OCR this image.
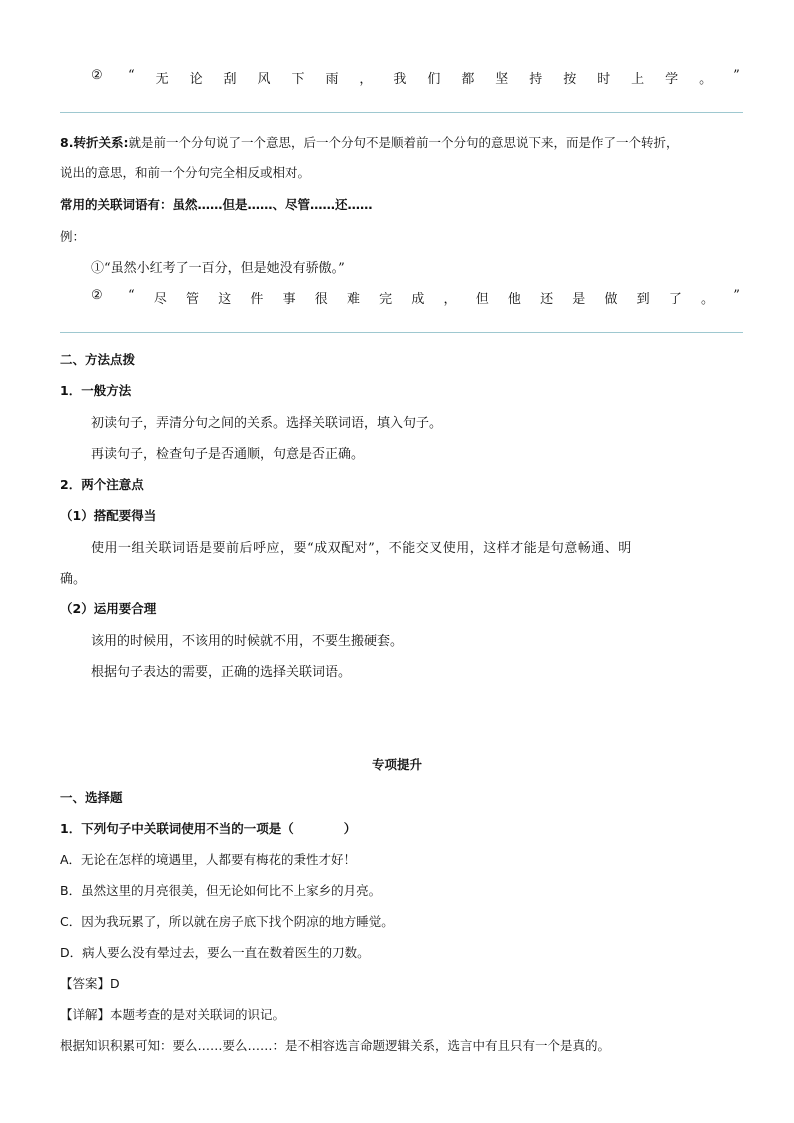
② “ 无 论 刮 风 下 雨 ， 我 们 都 坚 持 按 时 上 学 。 ”
8.转折关系:就是前一个分句说了一个意思，后一个分句不是顺着前一个分句的意思说下来，而是作了一个转折，
说出的意思，和前一个分句完全相反或相对。
常用的关联词语有：虽然……但是……、尽管……还……
例：
①“虽然小红考了一百分，但是她没有骄傲。”
② “ 尽 管 这 件 事 很 难 完 成 ， 但 他 还 是 做 到 了 。 ”
二、方法点拨
1．一般方法
初读句子，弄清分句之间的关系。选择关联词语，填入句子。
再读句子，检查句子是否通顺，句意是否正确。
2．两个注意点
（1）搭配要得当
使用一组关联词语是要前后呼应，要“成双配对”，不能交叉使用，这样才能是句意畅通、明
确。
（2）运用要合理
该用的时候用，不该用的时候就不用，不要生搬硬套。
根据句子表达的需要，正确的选择关联词语。
专项提升
一、选择题
1．下列句子中关联词使用不当的一项是（　　　　）
A．无论在怎样的境遇里，人都要有梅花的秉性才好！
B．虽然这里的月亮很美，但无论如何比不上家乡的月亮。
C．因为我玩累了，所以就在房子底下找个阴凉的地方睡觉。
D．病人要么没有晕过去，要么一直在数着医生的刀数。
【答案】D
【详解】本题考查的是对关联词的识记。
根据知识积累可知：要么……要么……：是不相容选言命题逻辑关系，选言中有且只有一个是真的。
